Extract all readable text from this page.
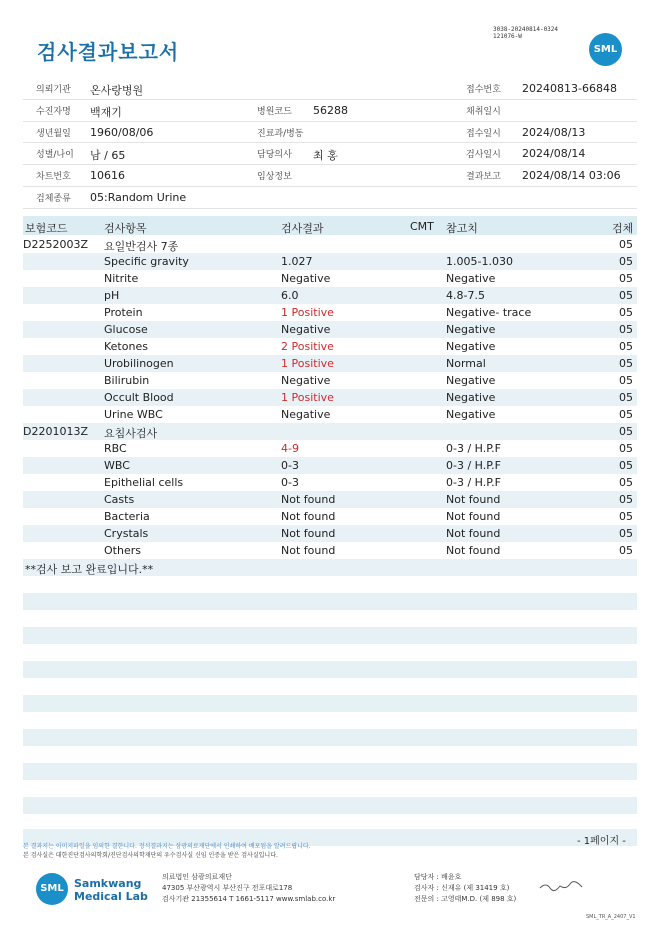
검사결과보고서
3038-20240814-0324
121076-W
SML
의뢰기관 온사랑병원	접수번호 20240813-66848
수진자명 백재기	병원코드 56288	채취일시
생년월일 1960/08/06	진료과/병동	접수일시 2024/08/13
성별/나이 남 / 65	담당의사 최 홍	검사일시 2024/08/14
차트번호 10616	임상정보	결과보고 2024/08/14 03:06
검체종류 05:Random Urine
보험코드	검사항목	검사결과	CMT 참고치	검체
D2252003Z 요일반검사 7종	05
Specific gravity	1.027	1.005-1.030	05
Nitrite	Negative	Negative	05
pH	6.0	4.8-7.5	05
Protein	1 Positive	Negative- trace	05
Glucose	Negative	Negative	05
Ketones	2 Positive	Negative	05
Urobilinogen	1 Positive	Normal	05
Bilirubin	Negative	Negative	05
Occult Blood	1 Positive	Negative	05
Urine WBC	Negative	Negative	05
D2201013Z 요침사검사	05
RBC	4-9	0-3 / H.P.F	05
WBC	0-3	0-3 / H.P.F	05
Epithelial cells	0-3	0-3 / H.P.F	05
Casts	Not found	Not found	05
Bacteria	Not found	Not found	05
Crystals	Not found	Not found	05
Others	Not found	Not found	05
**검사 보고 완료입니다.**
- 1페이지 -
본 결과지는 이미지파일을 임의한 결한니다. 정식결과지는 삼광의료재단에서 인쇄하여 배포됨을 알려드립니다.
본 검사실은 대한진단검사의학회/진단검사의학재단의 우수검사실 신임 인증을 받은 검사실입니다.
SML Samkwang
Medical Lab
의료법인 삼광의료재단
47305 부산광역시 부산진구 전포대로178
검사기관 21355614 T 1661-5117 www.smlab.co.kr
담당자 : 배윤호
검사자 : 신재유 (제 31419 호)
전문의 : 고영태M.D. (제 898 호)
SML_TR_A_2407_V1
